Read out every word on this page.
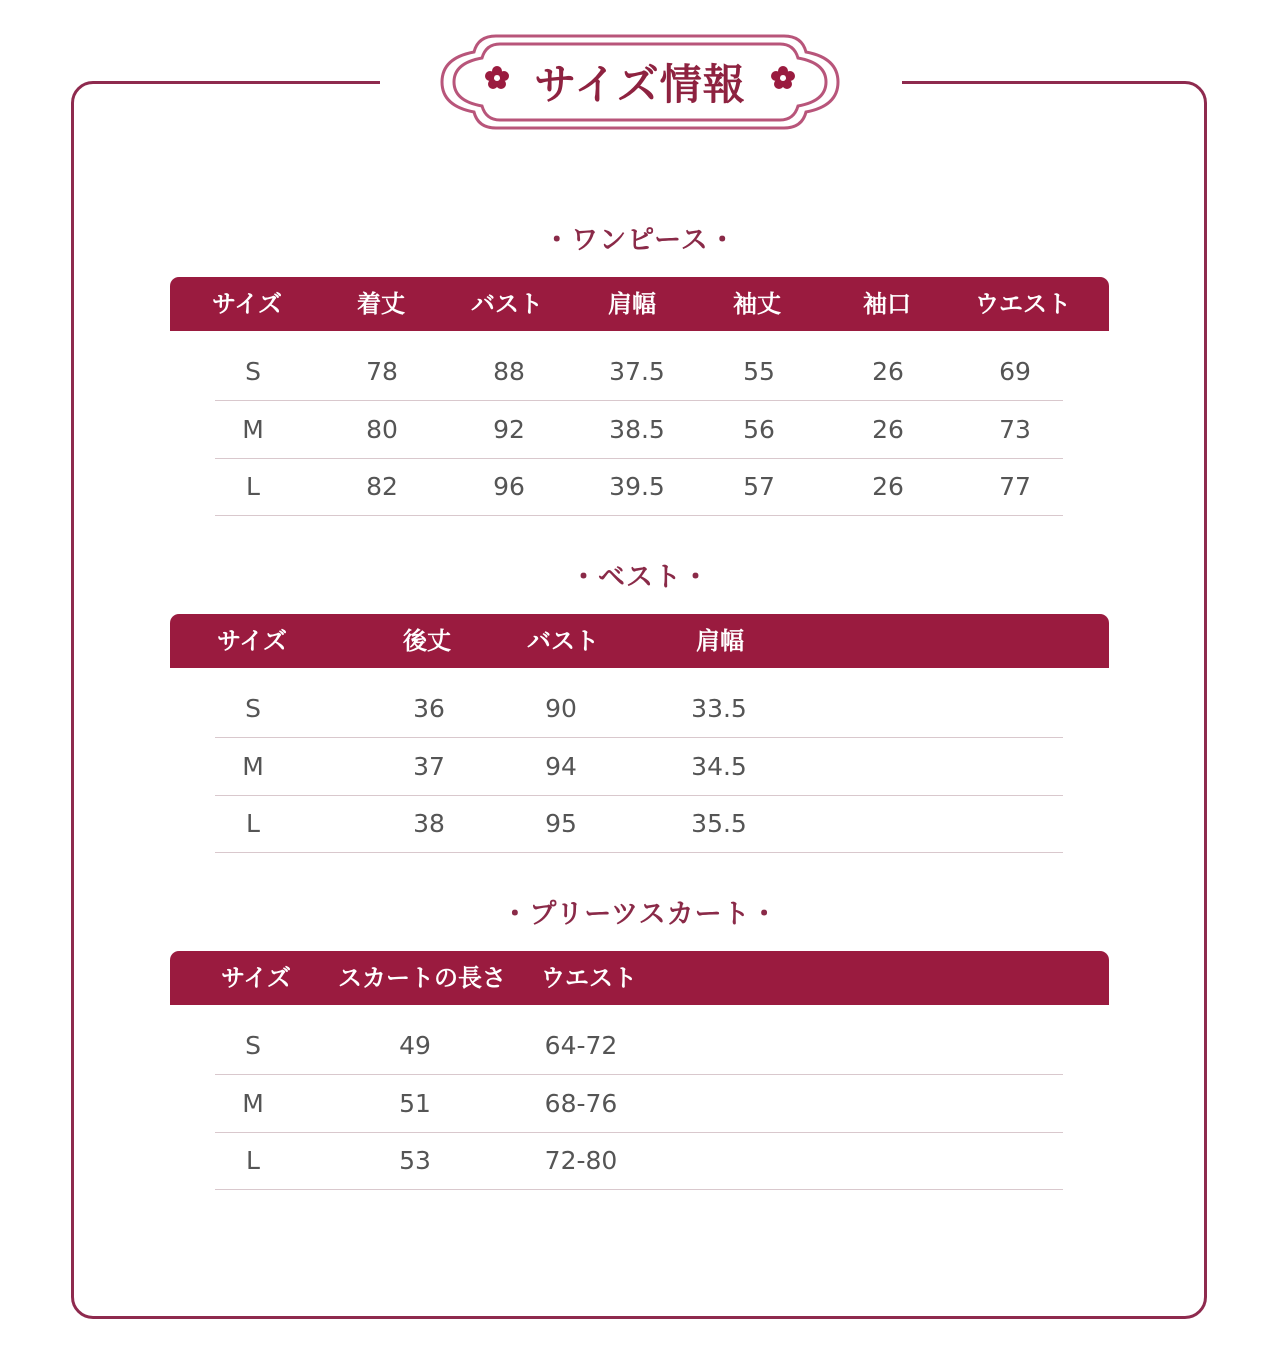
サイズ情報
・ワンピース・
サイズ	着丈	バスト	肩幅	袖丈	袖口	ウエスト
S	78	88	37.5	55	26	69
M	80	92	38.5	56	26	73
L	82	96	39.5	57	26	77
・ベスト・
サイズ	後丈	バスト	肩幅
S	36	90	33.5
M	37	94	34.5
L	38	95	35.5
・プリーツスカート・
サイズ スカートの長さ ウエスト
S	49	64-72
M	51	68-76
L	53	72-80
